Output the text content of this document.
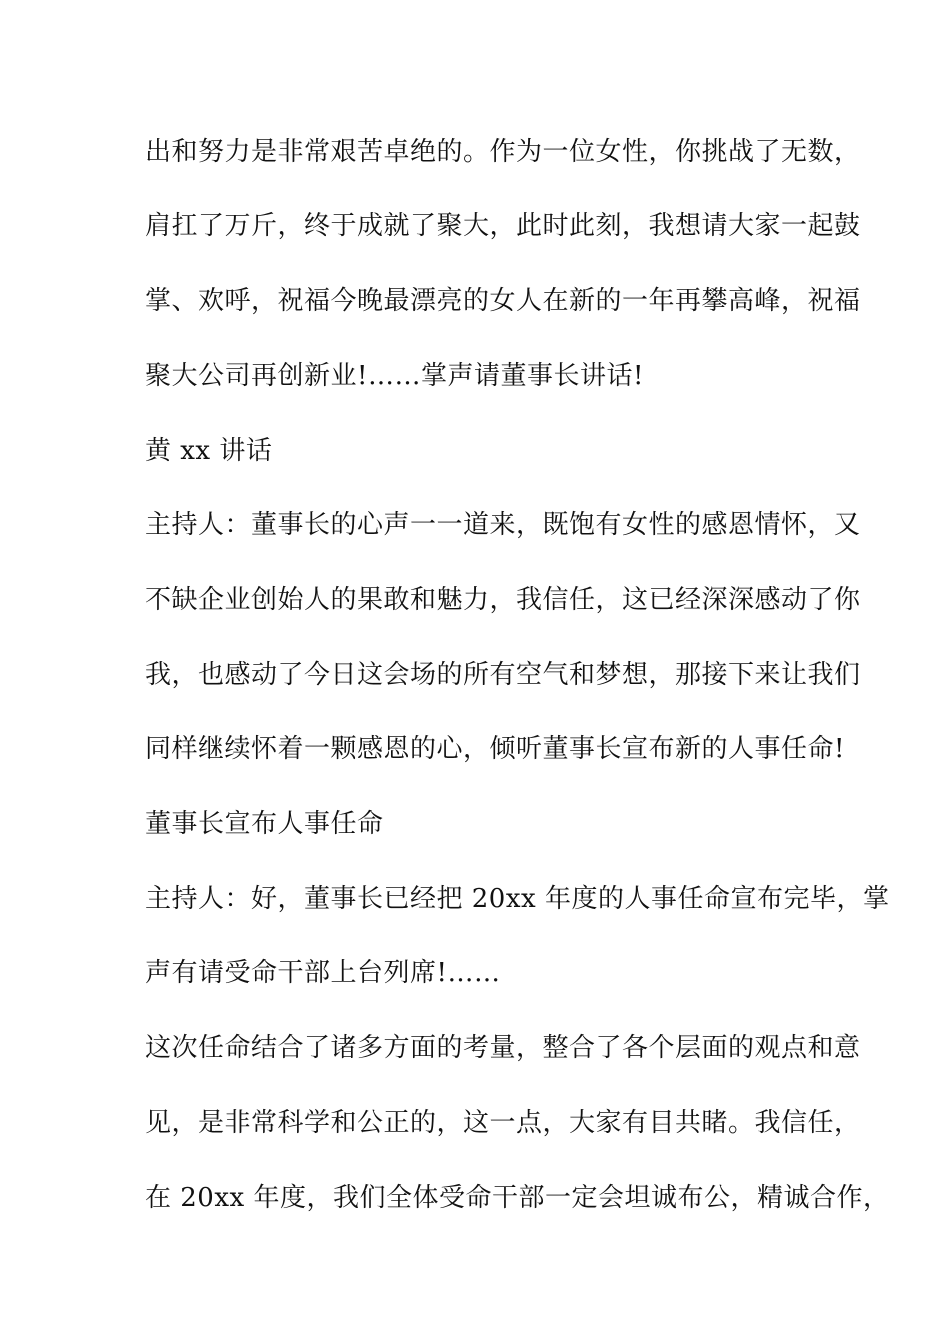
出和努力是非常艰苦卓绝的。作为一位女性，你挑战了无数，
肩扛了万斤，终于成就了聚大，此时此刻，我想请大家一起鼓
掌、欢呼，祝福今晚最漂亮的女人在新的一年再攀高峰，祝福
聚大公司再创新业!……掌声请董事长讲话!
黄 xx 讲话
主持人：董事长的心声一一道来，既饱有女性的感恩情怀，又
不缺企业创始人的果敢和魅力，我信任，这已经深深感动了你
我，也感动了今日这会场的所有空气和梦想，那接下来让我们
同样继续怀着一颗感恩的心，倾听董事长宣布新的人事任命!
董事长宣布人事任命
主持人：好，董事长已经把 20xx 年度的人事任命宣布完毕，掌
声有请受命干部上台列席!……
这次任命结合了诸多方面的考量，整合了各个层面的观点和意
见，是非常科学和公正的，这一点，大家有目共睹。我信任，
在 20xx 年度，我们全体受命干部一定会坦诚布公，精诚合作，
